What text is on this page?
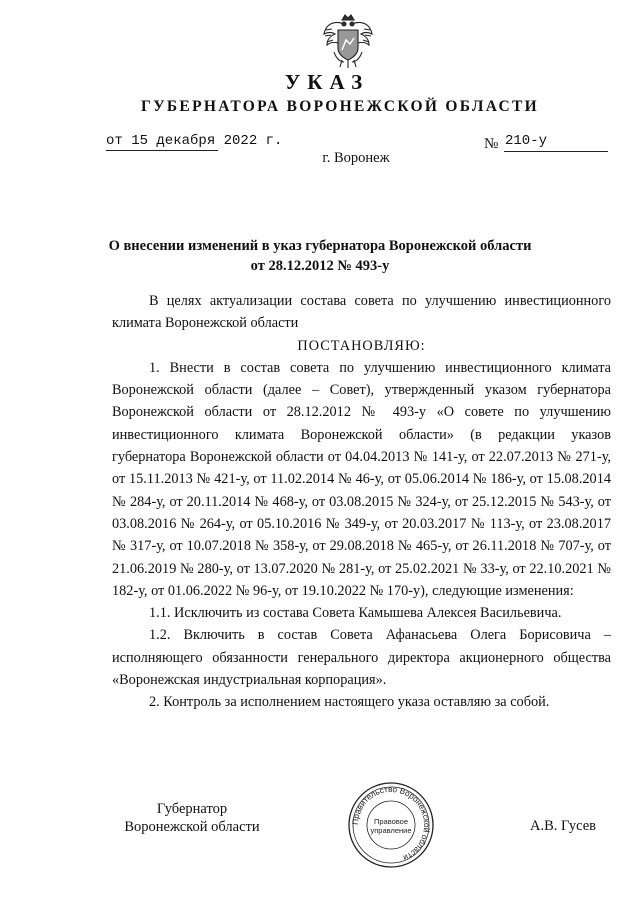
УКАЗ
ГУБЕРНАТОРА ВОРОНЕЖСКОЙ ОБЛАСТИ
от 15 декабря 2022 г.	№ 210-у
г. Воронеж
О внесении изменений в указ губернатора Воронежской области
от 28.12.2012 № 493-у

В целях актуализации состава совета по улучшению инвестиционного климата Воронежской области

ПОСТАНОВЛЯЮ:

1. Внести в состав совета по улучшению инвестиционного климата Воронежской области (далее – Совет), утвержденный указом губернатора Воронежской области от 28.12.2012 № 493-у «О совете по улучшению инвестиционного климата Воронежской области» (в редакции указов губернатора Воронежской области от 04.04.2013 № 141-у, от 22.07.2013 № 271-у, от 15.11.2013 № 421-у, от 11.02.2014 № 46-у, от 05.06.2014 № 186-у, от 15.08.2014 № 284-у, от 20.11.2014 № 468-у, от 03.08.2015 № 324-у, от 25.12.2015 № 543-у, от 03.08.2016 № 264-у, от 05.10.2016 № 349-у, от 20.03.2017 № 113-у, от 23.08.2017 № 317-у, от 10.07.2018 № 358-у, от 29.08.2018 № 465-у, от 26.11.2018 № 707-у, от 21.06.2019 № 280-у, от 13.07.2020 № 281-у, от 25.02.2021 № 33-у, от 22.10.2021 № 182-у, от 01.06.2022 № 96-у, от 19.10.2022 № 170-у), следующие изменения:

1.1. Исключить из состава Совета Камышева Алексея Васильевича.

1.2. Включить в состав Совета Афанасьева Олега Борисовича – исполняющего обязанности генерального директора акционерного общества «Воронежская индустриальная корпорация».

2. Контроль за исполнением настоящего указа оставляю за собой.

Губернатор
Воронежской области	Правительство Воронежской области
Правовое
управление	А.В. Гусев
